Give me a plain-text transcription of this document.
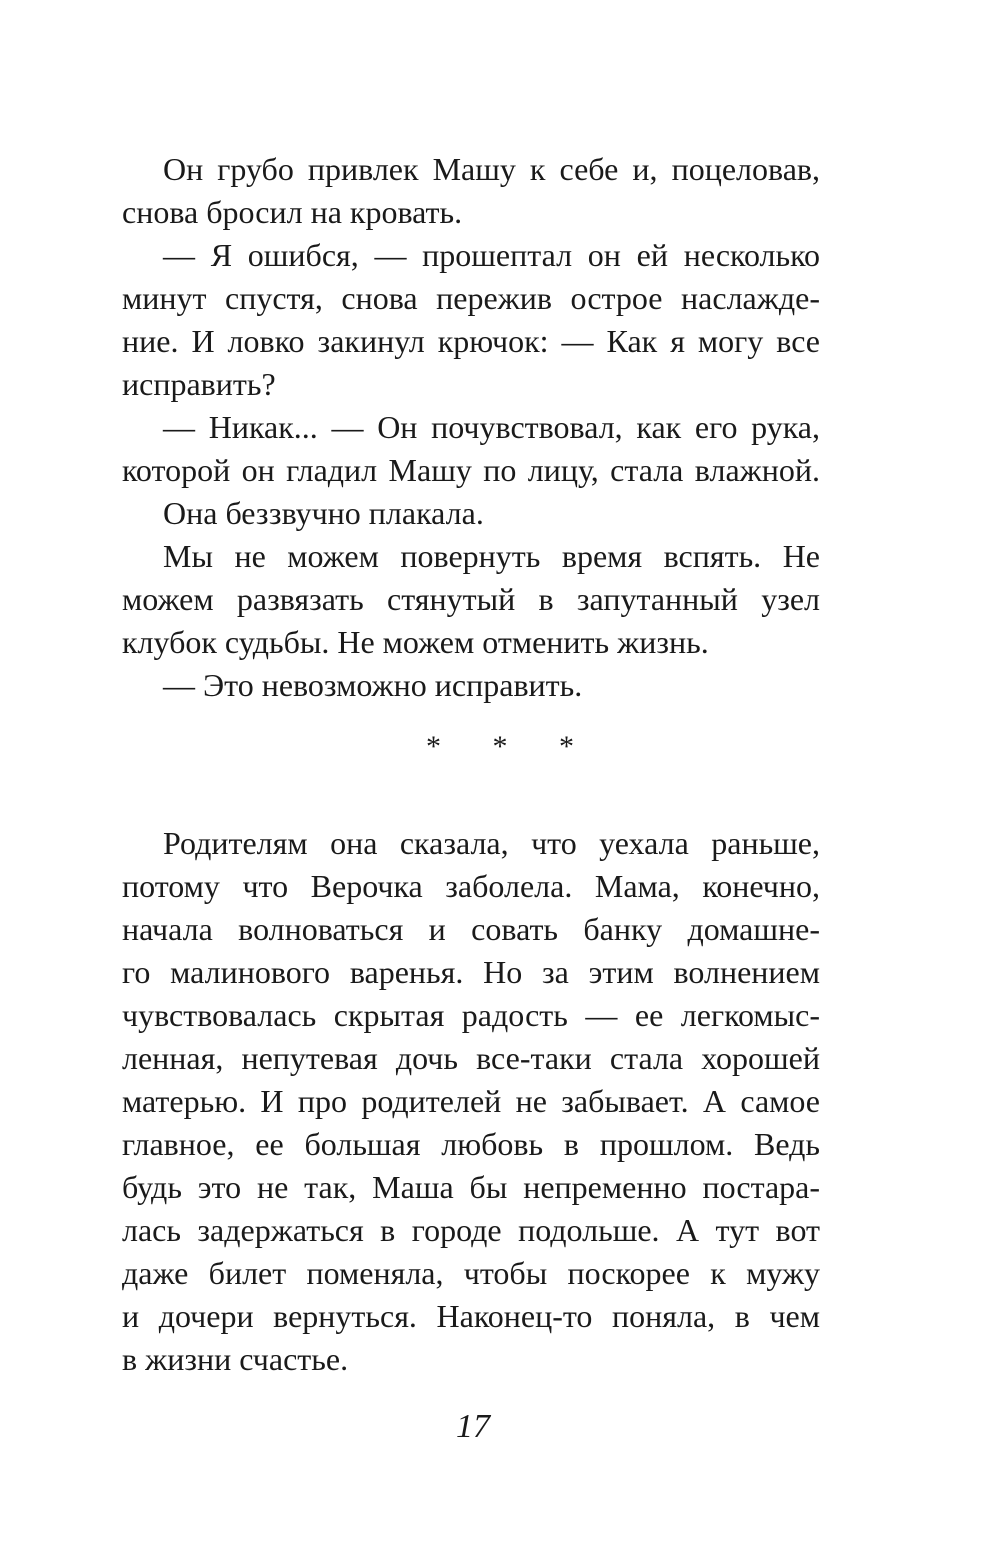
Он грубо привлек Машу к себе и, поцеловав,
снова бросил на кровать.
— Я ошибся, — прошептал он ей несколько
минут спустя, снова пережив острое наслажде-
ние. И ловко закинул крючок: — Как я могу все
исправить?
— Никак... — Он почувствовал, как его рука,
которой он гладил Машу по лицу, стала влажной.
Она беззвучно плакала.
Мы не можем повернуть время вспять. Не
можем развязать стянутый в запутанный узел
клубок судьбы. Не можем отменить жизнь.
— Это невозможно исправить.
* * *
Родителям она сказала, что уехала раньше,
потому что Верочка заболела. Мама, конечно,
начала волноваться и совать банку домашне-
го малинового варенья. Но за этим волнением
чувствовалась скрытая радость — ее легкомыс-
ленная, непутевая дочь все-таки стала хорошей
матерью. И про родителей не забывает. А самое
главное, ее большая любовь в прошлом. Ведь
будь это не так, Маша бы непременно постара-
лась задержаться в городе подольше. А тут вот
даже билет поменяла, чтобы поскорее к мужу
и дочери вернуться. Наконец-то поняла, в чем
в жизни счастье.
17
